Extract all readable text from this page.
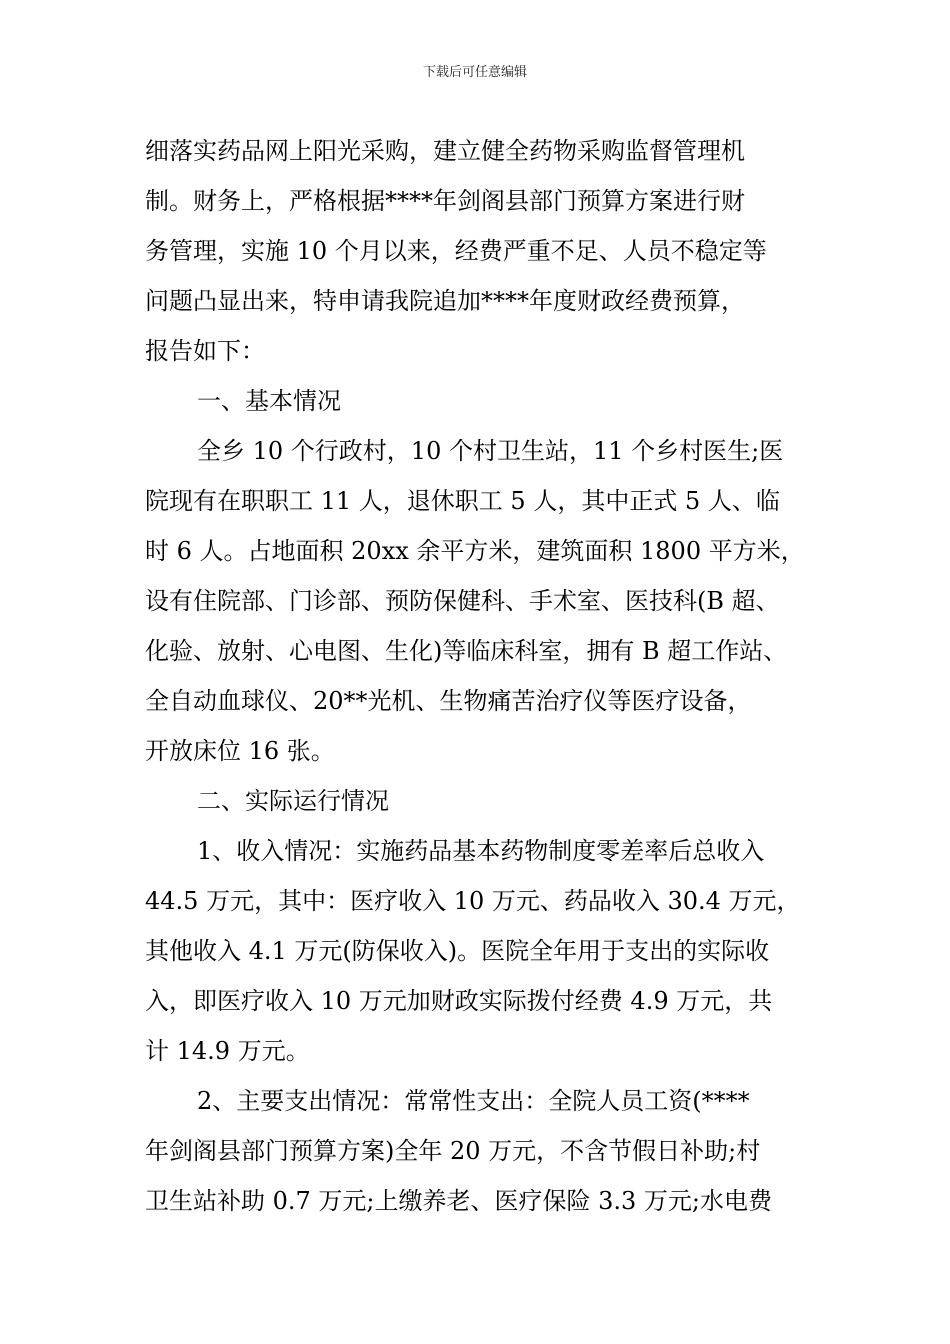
下载后可任意编辑
细落实药品网上阳光采购，建立健全药物采购监督管理机
制。财务上，严格根据****年剑阁县部门预算方案进行财
务管理，实施 10 个月以来，经费严重不足、人员不稳定等
问题凸显出来，特申请我院追加****年度财政经费预算，
报告如下：
一、基本情况
全乡 10 个行政村，10 个村卫生站，11 个乡村医生;医
院现有在职职工 11 人，退休职工 5 人，其中正式 5 人、临
时 6 人。占地面积 20xx 余平方米，建筑面积 1800 平方米，
设有住院部、门诊部、预防保健科、手术室、医技科(B 超、
化验、放射、心电图、生化)等临床科室，拥有 B 超工作站、
全自动血球仪、20**光机、生物痛苦治疗仪等医疗设备，
开放床位 16 张。
二、实际运行情况
1、收入情况：实施药品基本药物制度零差率后总收入
44.5 万元，其中：医疗收入 10 万元、药品收入 30.4 万元，
其他收入 4.1 万元(防保收入)。医院全年用于支出的实际收
入，即医疗收入 10 万元加财政实际拨付经费 4.9 万元，共
计 14.9 万元。
2、主要支出情况：常常性支出：全院人员工资(****
年剑阁县部门预算方案)全年 20 万元，不含节假日补助;村
卫生站补助 0.7 万元;上缴养老、医疗保险 3.3 万元;水电费
